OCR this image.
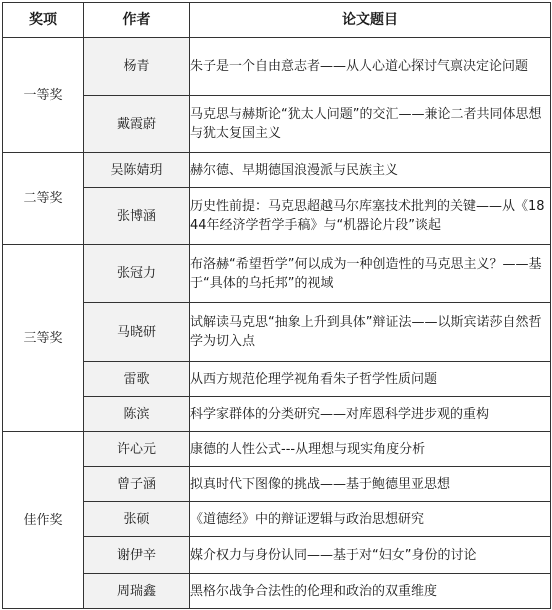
奖项	作者	论文题目
一等奖	杨青	朱子是一个自由意志者——从人心道心探讨气禀决定论问题
	戴霞蔚	马克思与赫斯论“犹太人问题”的交汇——兼论二者共同体思想与犹太复国主义
二等奖	吴陈婧玥	赫尔德、早期德国浪漫派与民族主义
	张博涵	历史性前提：马克思超越马尔库塞技术批判的关键——从《1844年经济学哲学手稿》与“机器论片段”谈起
三等奖	张冠力	布洛赫“希望哲学”何以成为一种创造性的马克思主义？——基于“具体的乌托邦”的视域
	马晓研	试解读马克思“抽象上升到具体”辩证法——以斯宾诺莎自然哲学为切入点
	雷歌	从西方规范伦理学视角看朱子哲学性质问题
	陈滨	科学家群体的分类研究——对库恩科学进步观的重构
佳作奖	许心元	康德的人性公式---从理想与现实角度分析
	曾子涵	拟真时代下图像的挑战——基于鲍德里亚思想
	张硕	《道德经》中的辩证逻辑与政治思想研究
	谢伊辛	媒介权力与身份认同——基于对“妇女”身份的讨论
	周瑞鑫	黑格尔战争合法性的伦理和政治的双重维度
